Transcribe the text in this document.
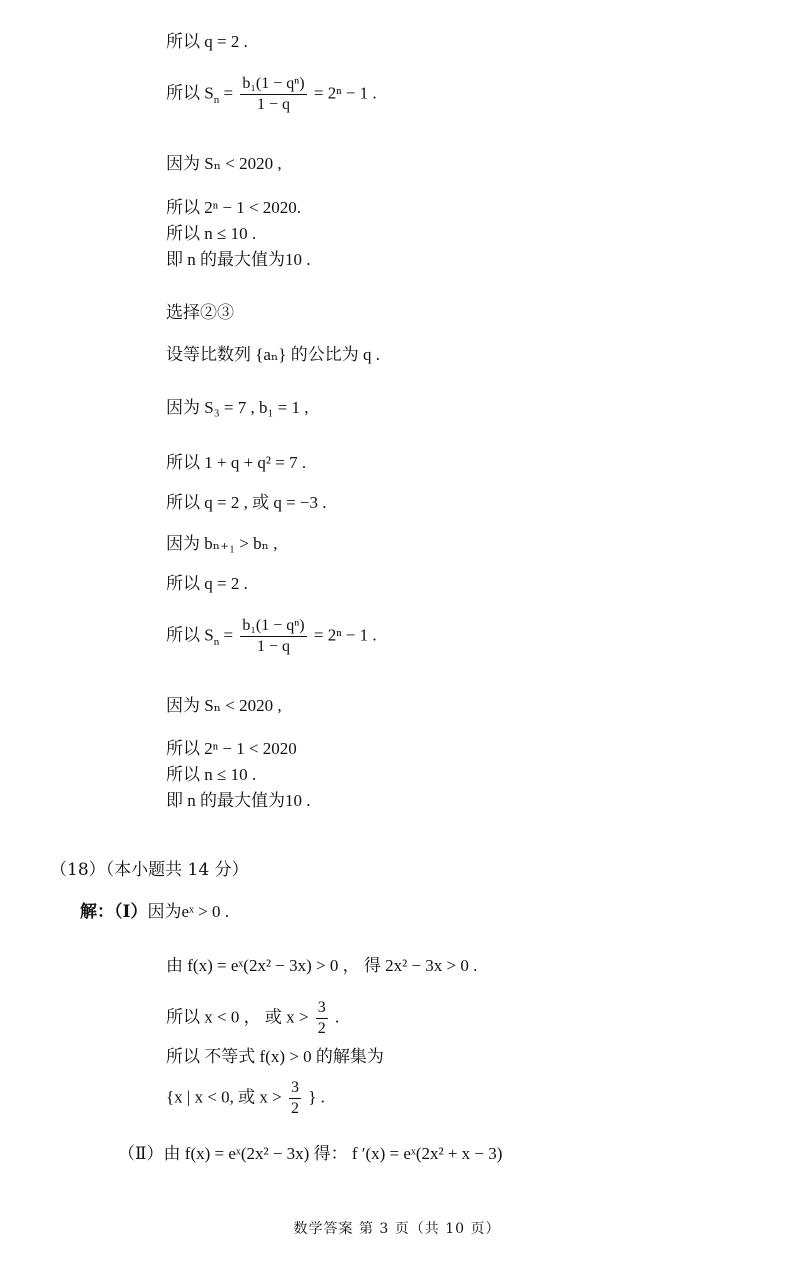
所以 q = 2 .
所以 $S_n = \frac{\text{b₁(1 − qⁿ)}}{1 - q} = 2^n - 1$ .
因为 Sₙ < 2020 ,
所以 2ⁿ − 1 < 2020.
所以 n ≤ 10 .
即 n 的最大值为10 .
选择②③
设等比数列 {aₙ} 的公比为 q .
因为 S₃ = 7 , b₁ = 1 ,
所以 1 + q + q² = 7 .
所以 q = 2 , 或 q = −3 .
因为 bₙ₊₁ > bₙ ,
所以 q = 2 .
所以 $S_n = \frac{\text{b₁(1 − qⁿ)}}{1 - q} = 2^n - 1$ .
因为 Sₙ < 2020 ,
所以 2ⁿ − 1 < 2020
所以 n ≤ 10 .
即 n 的最大值为10 .
（18）（本小题共 14 分）
解：（Ⅰ）因为eˣ > 0 .
由 f(x) = eˣ(2x² − 3x) > 0 ， 得 2x² − 3x > 0 .
所以 x < 0 ， 或 $x > \frac{3}{2}$ .
所以 不等式 f(x) > 0 的解集为
{x | x < 0, 或 $x > \frac{3}{2}$ } .
（Ⅱ）由 f(x) = eˣ(2x² − 3x) 得： f ′(x) = eˣ(2x² + x − 3)
数学答案 第 3 页（共 10 页）
